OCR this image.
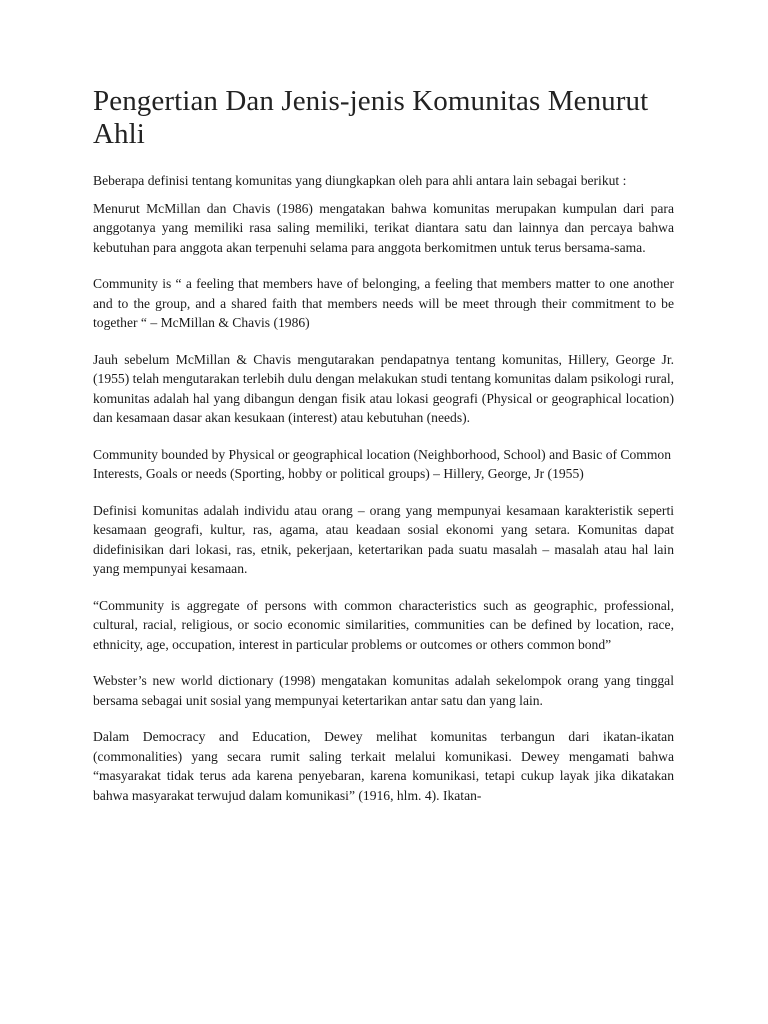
Pengertian Dan Jenis-jenis Komunitas Menurut Ahli

Beberapa definisi tentang komunitas yang diungkapkan oleh para ahli antara lain sebagai berikut :

Menurut McMillan dan Chavis (1986) mengatakan bahwa komunitas merupakan kumpulan dari para anggotanya yang memiliki rasa saling memiliki, terikat diantara satu dan lainnya dan percaya bahwa kebutuhan para anggota akan terpenuhi selama para anggota berkomitmen untuk terus bersama-sama.

Community is “ a feeling that members have of belonging, a feeling that members matter to one another and to the group, and a shared faith that members needs will be meet through their commitment to be together “ – McMillan & Chavis (1986)

Jauh sebelum McMillan & Chavis mengutarakan pendapatnya tentang komunitas, Hillery, George Jr. (1955) telah mengutarakan terlebih dulu dengan melakukan studi tentang komunitas dalam psikologi rural, komunitas adalah hal yang dibangun dengan fisik atau lokasi geografi (Physical or geographical location) dan kesamaan dasar akan kesukaan (interest) atau kebutuhan (needs).

Community bounded by Physical or geographical location (Neighborhood, School) and Basic of Common Interests, Goals or needs (Sporting, hobby or political groups) – Hillery, George, Jr (1955)

Definisi komunitas adalah individu atau orang – orang yang mempunyai kesamaan karakteristik seperti kesamaan geografi, kultur, ras, agama, atau keadaan sosial ekonomi yang setara. Komunitas dapat didefinisikan dari lokasi, ras, etnik, pekerjaan, ketertarikan pada suatu masalah – masalah atau hal lain yang mempunyai kesamaan.

“Community is aggregate of persons with common characteristics such as geographic, professional, cultural, racial, religious, or socio economic similarities, communities can be defined by location, race, ethnicity, age, occupation, interest in particular problems or outcomes or others common bond”

Webster’s new world dictionary (1998) mengatakan komunitas adalah sekelompok orang yang tinggal bersama sebagai unit sosial yang mempunyai ketertarikan antar satu dan yang lain.

Dalam Democracy and Education, Dewey melihat komunitas terbangun dari ikatan-ikatan (commonalities) yang secara rumit saling terkait melalui komunikasi. Dewey mengamati bahwa “masyarakat tidak terus ada karena penyebaran, karena komunikasi, tetapi cukup layak jika dikatakan bahwa masyarakat terwujud dalam komunikasi” (1916, hlm. 4). Ikatan-
